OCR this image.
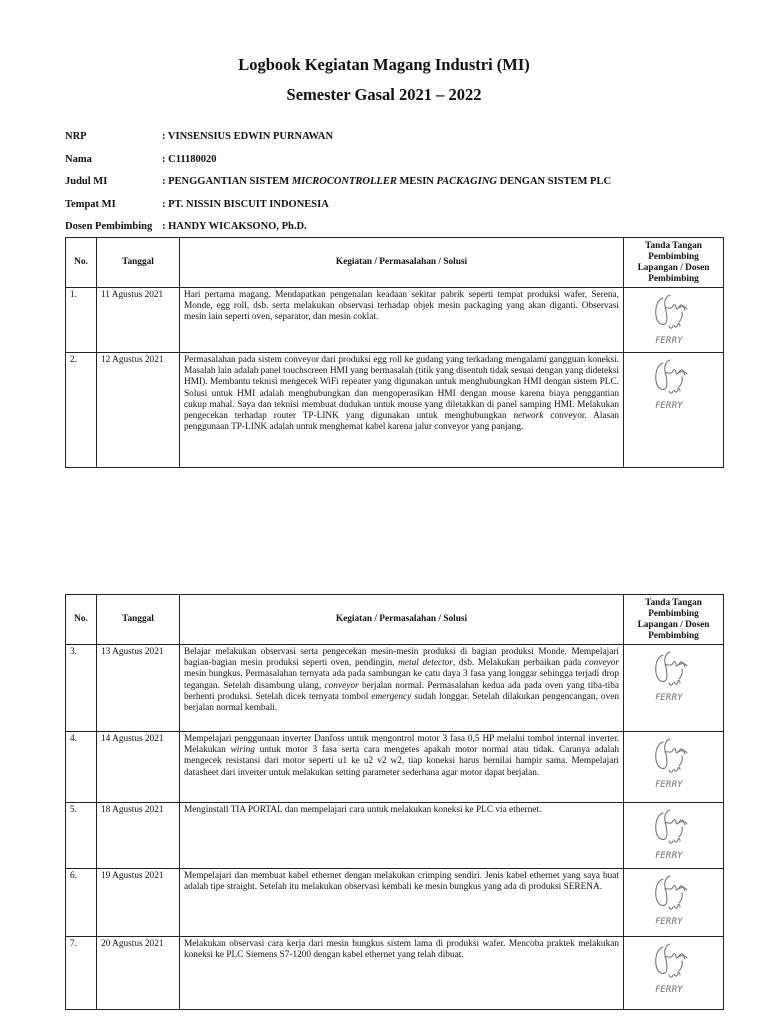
Logbook Kegiatan Magang Industri (MI)
Semester Gasal 2021 – 2022
NRP	: VINSENSIUS EDWIN PURNAWAN
Nama	: C11180020
Judul MI	: PENGGANTIAN SISTEM MICROCONTROLLER MESIN PACKAGING DENGAN SISTEM PLC
Tempat MI	: PT. NISSIN BISCUIT INDONESIA
Dosen Pembimbing : HANDY WICAKSONO, Ph.D.
No.	Tanggal	Kegiatan / Permasalahan / Solusi	Tanda Tangan Pembimbing Lapangan / Dosen Pembimbing
1.	11 Agustus 2021	Hari pertama magang. Mendapatkan pengenalan keadaan sekitar pabrik seperti tempat produksi wafer, Serena, Monde, egg roll, dsb. serta melakukan observasi terhadap objek mesin packaging yang akan diganti. Observasi mesin lain seperti oven, separator, dan mesin coklat.	FERRY

2.	12 Agustus 2021	Permasalahan pada sistem conveyor dari produksi egg roll ke gudang yang terkadang mengalami gangguan koneksi. Masalah lain adalah panel touchscreen HMI yang bermasalah (titik yang disentuh tidak sesuai dengan yang dideteksi HMI). Membantu teknisi mengecek WiFi repeater yang digunakan untuk menghubungkan HMI dengan sistem PLC. Solusi untuk HMI adalah menghubungkan dan mengoperasikan HMI dengan mouse karena biaya penggantian cukup mahal. Saya dan teknisi membuat dudukan untuk mouse yang diletakkan di panel samping HMI. Melakukan pengecekan terhadap router TP-LINK yang digunakan untuk menghubungkan network conveyor. Alasan penggunaan TP-LINK adalah untuk menghemat kabel karena jalur conveyor yang panjang.	FERRY
No.	Tanggal	Kegiatan / Permasalahan / Solusi	Tanda Tangan Pembimbing Lapangan / Dosen Pembimbing
3.	13 Agustus 2021	Belajar melakukan observasi serta pengecekan mesin-mesin produksi di bagian produksi Monde. Mempelajari bagian-bagian mesin produksi seperti oven, pendingin, metal detector, dsb. Melakukan perbaikan pada conveyor mesin bungkus. Permasalahan ternyata ada pada sambungan ke catu daya 3 fasa yang longgar sehingga terjadi drop tegangan. Setelah disambung ulang, conveyor berjalan normal. Permasalahan kedua ada pada oven yang tiba-tiba berhenti produksi. Setelah dicek ternyata tombol emergency sudah longgar. Setelah dilakukan pengencangan, oven berjalan normal kembali.	FERRY

4.	14 Agustus 2021	Mempelajari penggunaan inverter Danfoss untuk mengontrol motor 3 fasa 0,5 HP melalui tombol internal inverter. Melakukan wiring untuk motor 3 fasa serta cara mengetes apakah motor normal atau tidak. Caranya adalah mengecek resistansi dari motor seperti u1 ke u2 v2 w2, tiap koneksi harus bernilai hampir sama. Mempelajari datasheet dari inverter untuk melakukan setting parameter sederhana agar motor dapat berjalan.	FERRY

5.	18 Agustus 2021	Menginstall TIA PORTAL dan mempelajari cara untuk melakukan koneksi ke PLC via ethernet.	FERRY

6.	19 Agustus 2021	Mempelajari dan membuat kabel ethernet dengan melakukan crimping sendiri. Jenis kabel ethernet yang saya buat adalah tipe straight. Setelah itu melakukan observasi kembali ke mesin bungkus yang ada di produksi SERENA.	FERRY

7.	20 Agustus 2021	Melakukan observasi cara kerja dari mesin bungkus sistem lama di produksi wafer. Mencoba praktek melakukan koneksi ke PLC Siemens S7-1200 dengan kabel ethernet yang telah dibuat.	FERRY
